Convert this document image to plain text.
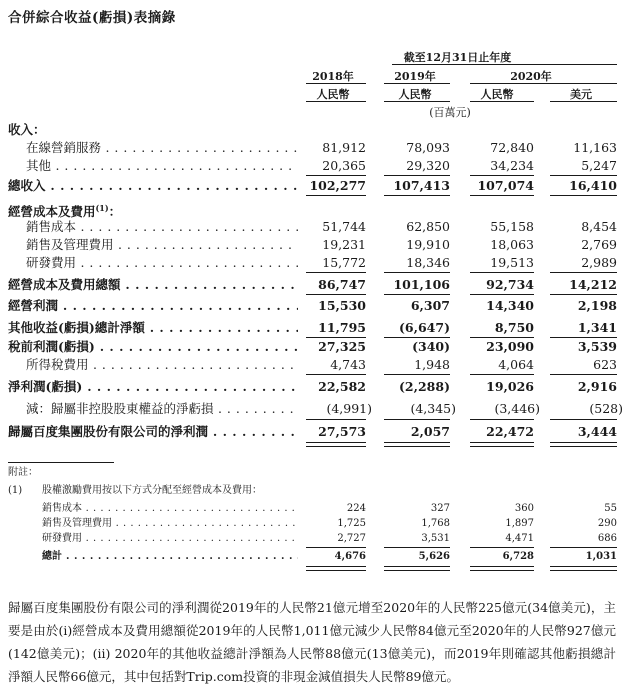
合併綜合收益(虧損)表摘錄
截至12月31日止年度
2018年	2019年	2020年
人民幣	人民幣	人民幣	美元
(百萬元)
收入：
在線營銷服務 . . .	81,912	78,093	72,840	11,163
其他 . . .	20,365	29,320	34,234	5,247
總收入 . . .	102,277	107,413	107,074	16,410
經營成本及費用$^{(1)}$：
銷售成本 . . .	51,744	62,850	55,158	8,454
銷售及管理費用 . . .	19,231	19,910	18,063	2,769
研發費用 . . .	15,772	18,346	19,513	2,989
經營成本及費用總額 . . .	86,747	101,106	92,734	14,212
經營利潤 . . .	15,530	6,307	14,340	2,198
其他收益(虧損)總計淨額 . . .	11,795	(6,647)	8,750	1,341
稅前利潤(虧損) . . .	27,325	(340)	23,090	3,539
所得稅費用 . . .	4,743	1,948	4,064	623
淨利潤(虧損) . . .	22,582	(2,288)	19,026	2,916
減：歸屬非控股股東權益的淨虧損 . . .	(4,991)	(4,345)	(3,446)	(528)
歸屬百度集團股份有限公司的淨利潤 . . .	27,573	2,057	22,472	3,444
附註：
(1) 股權激勵費用按以下方式分配至經營成本及費用：
銷售成本 . . .	224	327	360	55
銷售及管理費用 . . .	1,725	1,768	1,897	290
研發費用 . . .	2,727	3,531	4,471	686
總計 . . .	4,676	5,626	6,728	1,031
歸屬百度集團股份有限公司的淨利潤從2019年的人民幣21億元增至2020年的人民幣225億元(34億美元)，主要是由於(i)經營成本及費用總額從2019年的人民幣1,011億元減少人民幣84億元至2020年的人民幣927億元(142億美元)；(ii) 2020年的其他收益總計淨額為人民幣88億元(13億美元)，而2019年則確認其他虧損總計淨額人民幣66億元，其中包括對Trip.com投資的非現金減值損失人民幣89億元。
